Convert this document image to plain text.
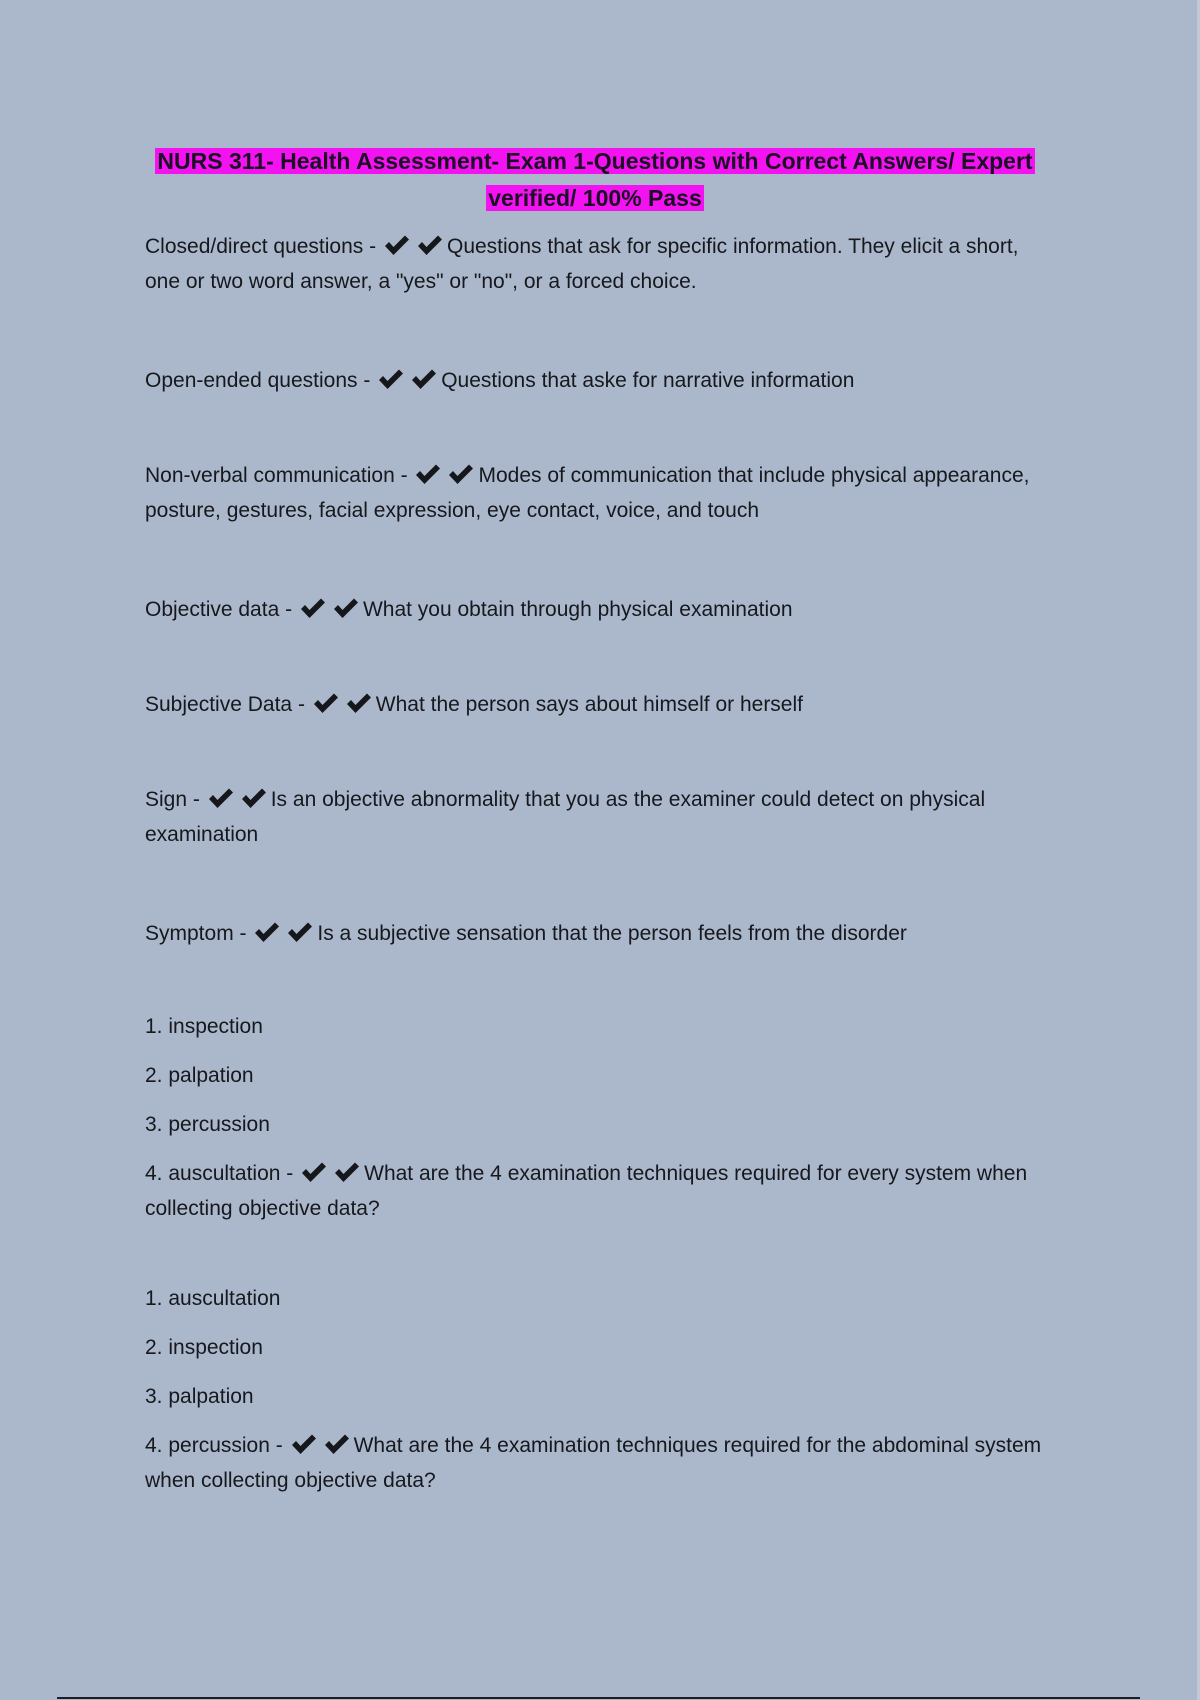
NURS 311- Health Assessment- Exam 1-Questions with Correct Answers/ Expert verified/ 100% Pass

Closed/direct questions -	Questions that ask for specific information. They elicit a short, one or two word answer, a "yes" or "no", or a forced choice.

Open-ended questions -	Questions that aske for narrative information

Non-verbal communication -	Modes of communication that include physical appearance, posture, gestures, facial expression, eye contact, voice, and touch

Objective data -	What you obtain through physical examination

Subjective Data -	What the person says about himself or herself

Sign -	Is an objective abnormality that you as the examiner could detect on physical examination

Symptom -	Is a subjective sensation that the person feels from the disorder

1. inspection

2. palpation

3. percussion

4. auscultation -	What are the 4 examination techniques required for every system when collecting objective data?

1. auscultation

2. inspection

3. palpation

4. percussion -	What are the 4 examination techniques required for the abdominal system when collecting objective data?
